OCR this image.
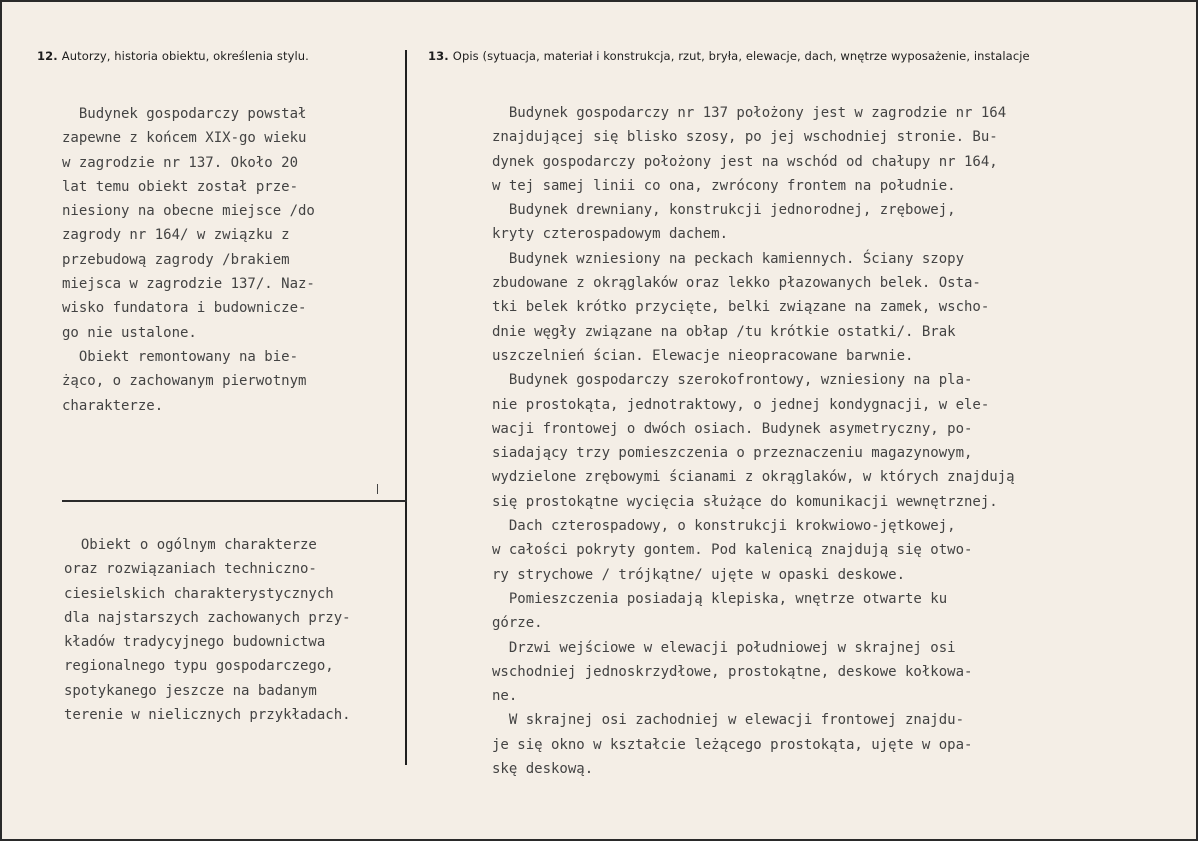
12. Autorzy, historia obiektu, określenia stylu.	13. Opis (sytuacja, materiał i konstrukcja, rzut, bryła, elewacje, dach, wnętrze wyposażenie, instalacje
Budynek gospodarczy powstał
zapewne z końcem XIX-go wieku
w zagrodzie nr 137. Około 20
lat temu obiekt został prze-
niesiony na obecne miejsce /do
zagrody nr 164/ w związku z
przebudową zagrody /brakiem
miejsca w zagrodzie 137/. Naz-
wisko fundatora i budowniczе-
go nie ustalone.
Obiekt remontowany na bie-
żąco, o zachowanym pierwotnym
charakterze.
Obiekt o ogólnym charakterze
oraz rozwiązaniach techniczno-
ciesielskich charakterystycznych
dla najstarszych zachowanych przy-
kładów tradycyjnego budownictwa
regionalnego typu gospodarczego,
spotykanego jeszcze na badanym
terenie w nielicznych przykładach.
Budynek gospodarczy nr 137 położony jest w zagrodzie nr 164
znajdującej się blisko szosy, po jej wschodniej stronie. Bu-
dynek gospodarczy położony jest na wschód od chałupy nr 164,
w tej samej linii co ona, zwrócony frontem na południe.
Budynek drewniany, konstrukcji jednorodnej, zrębowej,
kryty czterospadowym dachem.
Budynek wzniesiony na peckach kamiennych. Ściany szopy
zbudowane z okrąglaków oraz lekko płazowanych belek. Osta-
tki belek krótko przycięte, belki związane na zamek, wscho-
dnie węgły związane na obłap /tu krótkie ostatki/. Brak
uszczelnień ścian. Elewacje nieopracowane barwnie.
Budynek gospodarczy szerokofrontowy, wzniesiony na pla-
nie prostokąta, jednotraktowy, o jednej kondygnacji, w ele-
wacji frontowej o dwóch osiach. Budynek asymetryczny, po-
siadający trzy pomieszczenia o przeznaczeniu magazynowym,
wydzielone zrębowymi ścianami z okrąglaków, w których znajdują
się prostokątne wycięcia służące do komunikacji wewnętrznej.
Dach czterospadowy, o konstrukcji krokwiowo-jętkowej,
w całości pokryty gontem. Pod kalenicą znajdują się otwo-
ry strychowe / trójkątne/ ujęte w opaski deskowe.
Pomieszczenia posiadają klepiska, wnętrze otwarte ku
górze.
Drzwi wejściowe w elewacji południowej w skrajnej osi
wschodniej jednoskrzydłowe, prostokątne, deskowe kołkowa-
ne.
W skrajnej osi zachodniej w elewacji frontowej znajdu-
je się okno w kształcie leżącego prostokąta, ujęte w opa-
skę deskową.
